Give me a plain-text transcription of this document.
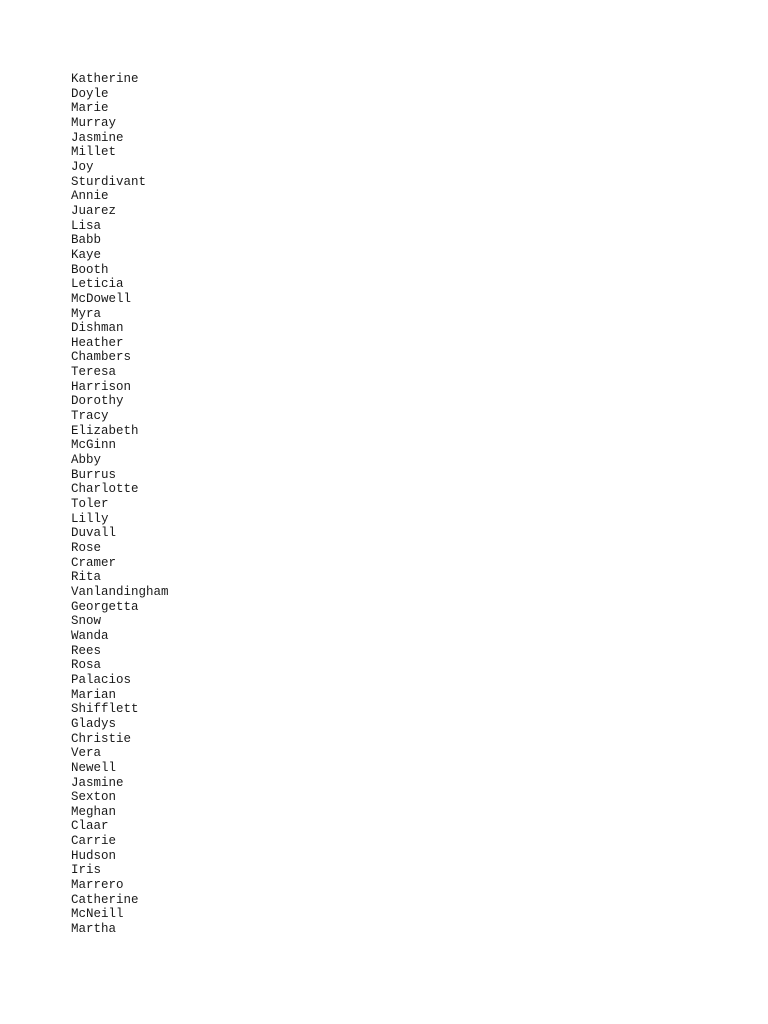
Katherine
Doyle
Marie
Murray
Jasmine
Millet
Joy
Sturdivant
Annie
Juarez
Lisa
Babb
Kaye
Booth
Leticia
McDowell
Myra
Dishman
Heather
Chambers
Teresa
Harrison
Dorothy
Tracy
Elizabeth
McGinn
Abby
Burrus
Charlotte
Toler
Lilly
Duvall
Rose
Cramer
Rita
Vanlandingham
Georgetta
Snow
Wanda
Rees
Rosa
Palacios
Marian
Shifflett
Gladys
Christie
Vera
Newell
Jasmine
Sexton
Meghan
Claar
Carrie
Hudson
Iris
Marrero
Catherine
McNeill
Martha
